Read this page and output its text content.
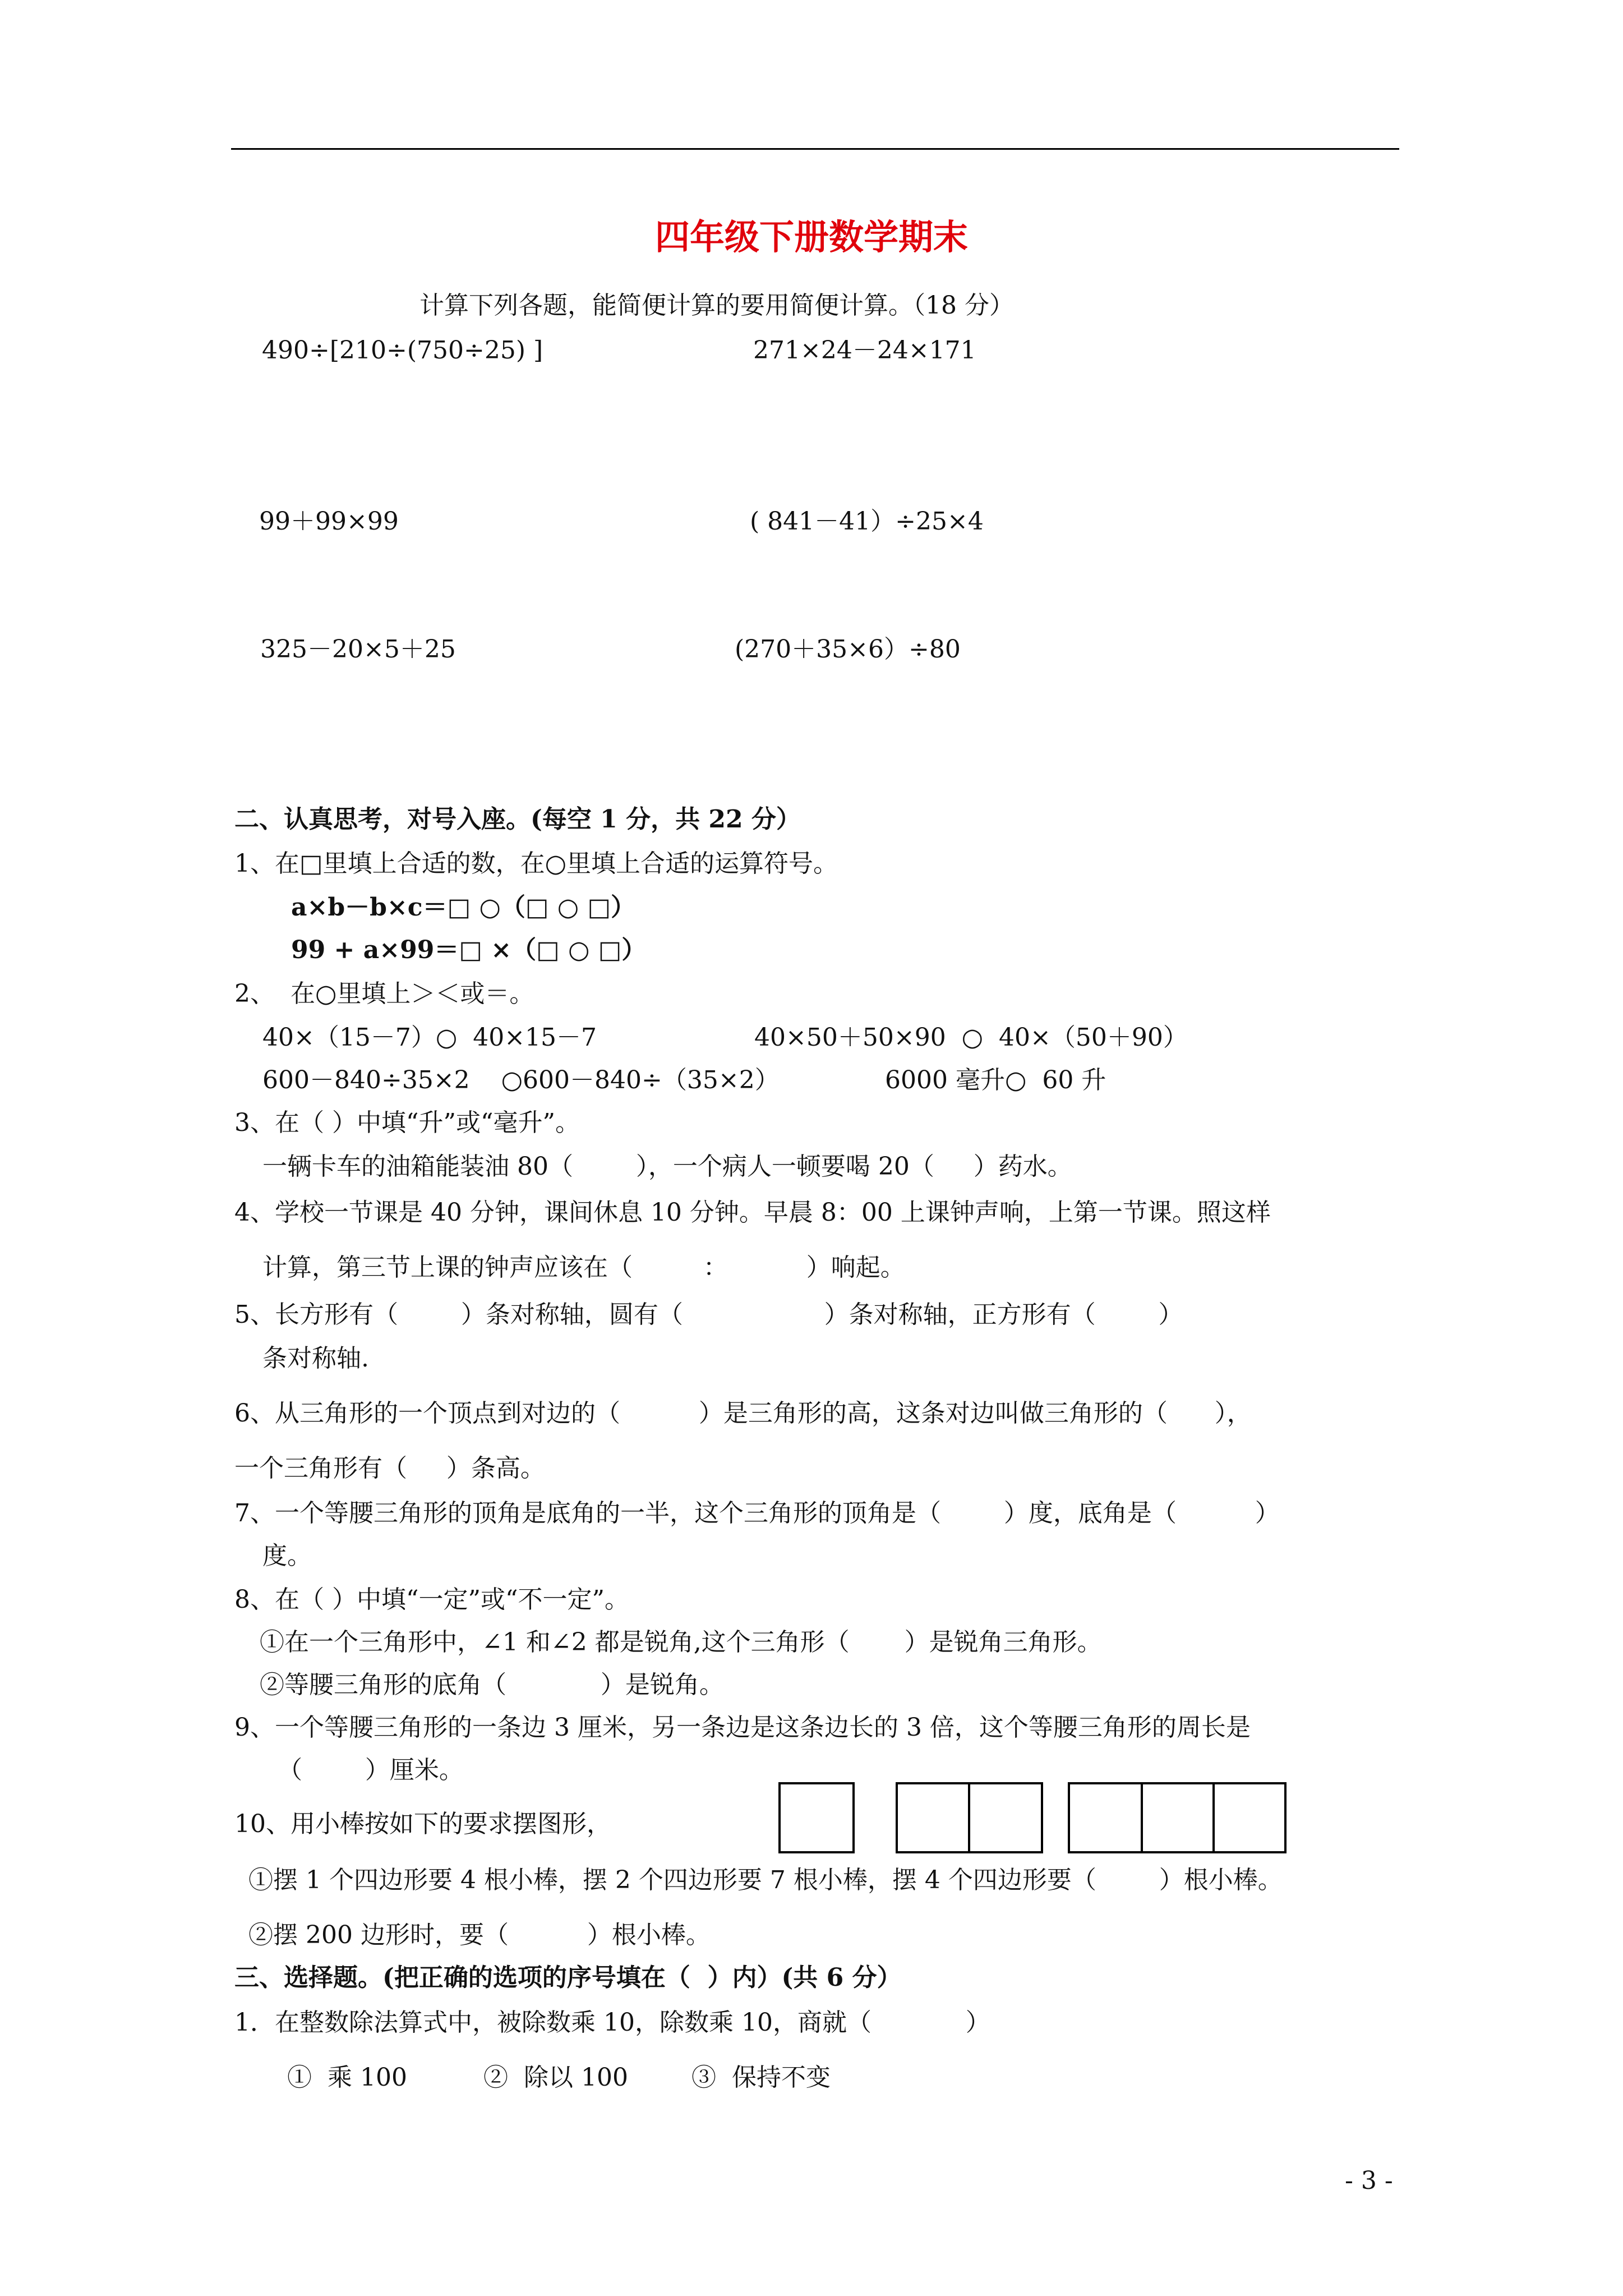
四年级下册数学期末
计算下列各题，能简便计算的要用简便计算。（18 分）
490÷[210÷(750÷25) ]	271×24－24×171
99＋99×99	( 841－41）÷25×4
325－20×5＋25	(270＋35×6）÷80
二、认真思考，对号入座。(每空 1 分，共 22 分）
1、在□里填上合适的数，在○里填上合适的运算符号。
a×b－b×c＝□ ○（□ ○ □）
99 + a×99＝□ ×（□ ○ □）
2、  在○里填上＞＜或＝。
40×（15－7）○  40×15－7	40×50＋50×90  ○  40×（50＋90）
600－840÷35×2    ○600－840÷（35×2）	6000 毫升○  60 升
3、在（ ）中填“升”或“毫升”。
一辆卡车的油箱能装油 80（        ），一个病人一顿要喝 20（     ）药水。
4、学校一节课是 40 分钟，课间休息 10 分钟。早晨 8：00 上课钟声响，上第一节课。照这样
计算，第三节上课的钟声应该在（         ：          ）响起。
5、长方形有（        ）条对称轴，圆有（                  ）条对称轴，正方形有（        ）
条对称轴.
6、从三角形的一个顶点到对边的（          ）是三角形的高，这条对边叫做三角形的（      ），
一个三角形有（     ）条高。
7、一个等腰三角形的顶角是底角的一半，这个三角形的顶角是（        ）度，底角是（          ）
度。
8、在（ ）中填“一定”或“不一定”。
①在一个三角形中，∠1 和∠2 都是锐角,这个三角形（       ）是锐角三角形。
②等腰三角形的底角（            ）是锐角。
9、一个等腰三角形的一条边 3 厘米，另一条边是这条边长的 3 倍，这个等腰三角形的周长是
（        ）厘米。
10、用小棒按如下的要求摆图形，
①摆 1 个四边形要 4 根小棒，摆 2 个四边形要 7 根小棒，摆 4 个四边形要（        ）根小棒。
②摆 200 边形时，要（          ）根小棒。
三、选择题。(把正确的选项的序号填在（  ）内）(共 6 分）
1．在整数除法算式中，被除数乘 10，除数乘 10，商就（            ）
①  乘 100	②  除以 100	③  保持不变
- 3 -
